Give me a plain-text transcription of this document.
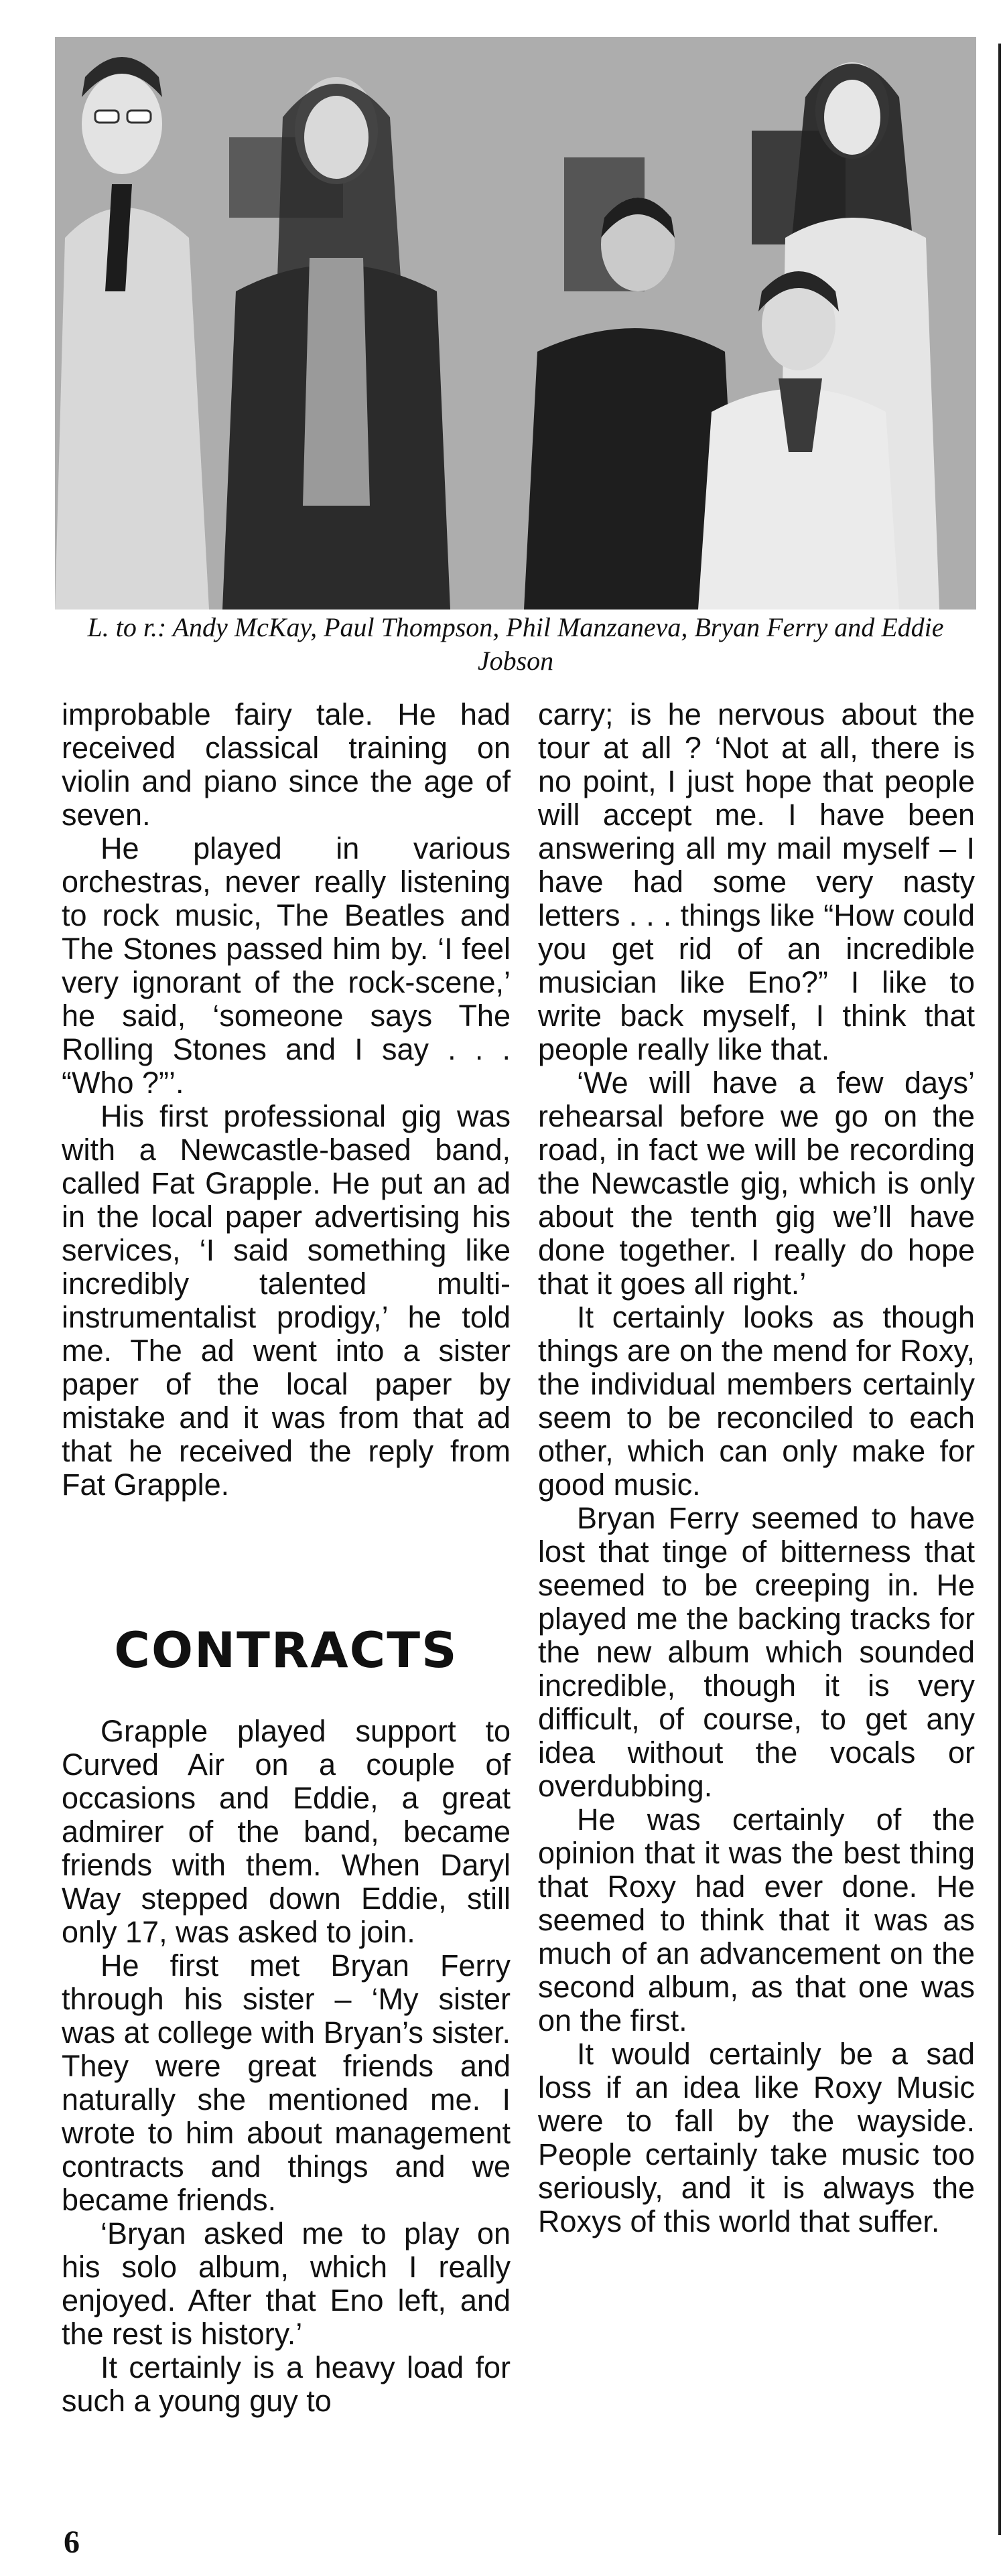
L. to r.: Andy McKay, Paul Thompson, Phil Manzaneva, Bryan Ferry and Eddie Jobson

improbable fairy tale. He had received classical training on violin and piano since the age of seven.

He played in various orchestras, never really listening to rock music, The Beatles and The Stones passed him by. ‘I feel very ignorant of the rock-scene,’ he said, ‘someone says The Rolling Stones and I say . . . “Who ?”’.

His first professional gig was with a Newcastle-based band, called Fat Grapple. He put an ad in the local paper advertising his services, ‘I said something like incredibly talented multi-instrumentalist prodigy,’ he told me. The ad went into a sister paper of the local paper by mistake and it was from that ad that he received the reply from Fat Grapple.

CONTRACTS

Grapple played support to Curved Air on a couple of occasions and Eddie, a great admirer of the band, became friends with them. When Daryl Way stepped down Eddie, still only 17, was asked to join.

He first met Bryan Ferry through his sister – ‘My sister was at college with Bryan’s sister. They were great friends and naturally she mentioned me. I wrote to him about management contracts and things and we became friends.

‘Bryan asked me to play on his solo album, which I really enjoyed. After that Eno left, and the rest is history.’

It certainly is a heavy load for such a young guy to

carry; is he nervous about the tour at all ? ‘Not at all, there is no point, I just hope that people will accept me. I have been answering all my mail myself – I have had some very nasty letters . . . things like “How could you get rid of an incredible musician like Eno?” I like to write back myself, I think that people really like that.

‘We will have a few days’ rehearsal before we go on the road, in fact we will be recording the Newcastle gig, which is only about the tenth gig we’ll have done together. I really do hope that it goes all right.’

It certainly looks as though things are on the mend for Roxy, the individual members certainly seem to be reconciled to each other, which can only make for good music.

Bryan Ferry seemed to have lost that tinge of bitterness that seemed to be creeping in. He played me the backing tracks for the new album which sounded incredible, though it is very difficult, of course, to get any idea without the vocals or overdubbing.

He was certainly of the opinion that it was the best thing that Roxy had ever done. He seemed to think that it was as much of an advancement on the second album, as that one was on the first.

It would certainly be a sad loss if an idea like Roxy Music were to fall by the wayside. People certainly take music too seriously, and it is always the Roxys of this world that suffer.

6
